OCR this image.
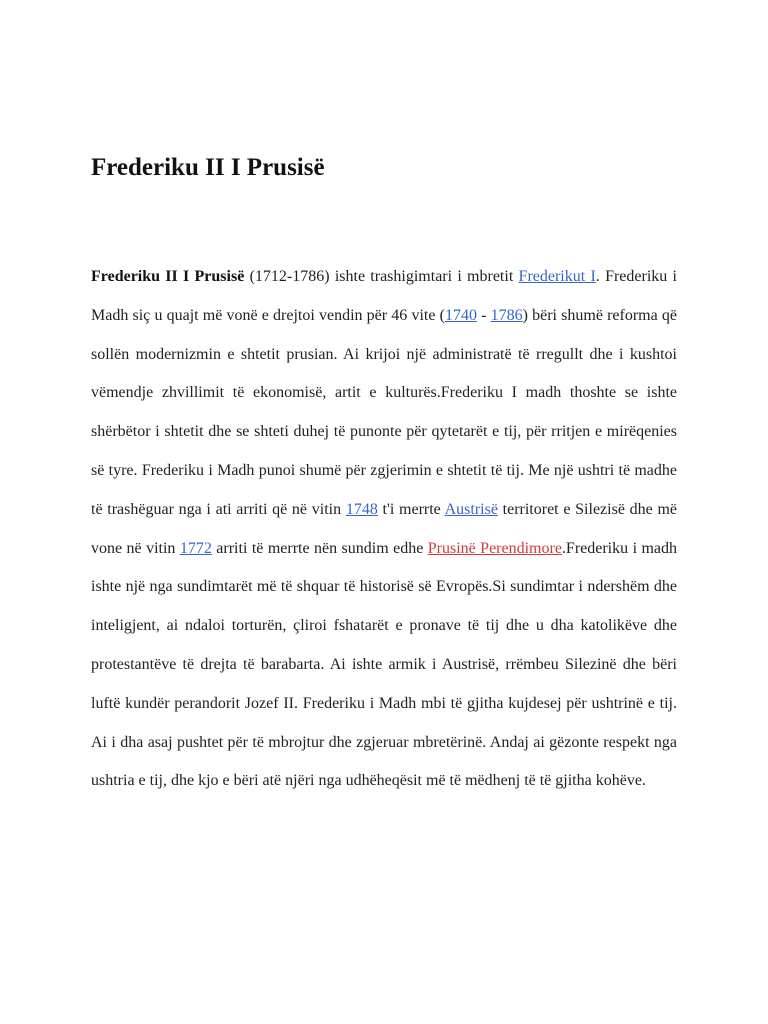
Frederiku II I Prusisë

Frederiku II I Prusisë (1712-1786) ishte trashigimtari i mbretit Frederikut I. Frederiku i Madh siç u quajt më vonë e drejtoi vendin për 46 vite (1740 - 1786) bëri shumë reforma që sollën modernizmin e shtetit prusian. Ai krijoi një administratë të rregullt dhe i kushtoi vëmendje zhvillimit të ekonomisë, artit e kulturës.Frederiku I madh thoshte se ishte shërbëtor i shtetit dhe se shteti duhej të punonte për qytetarët e tij, për rritjen e mirëqenies së tyre. Frederiku i Madh punoi shumë për zgjerimin e shtetit të tij. Me një ushtri të madhe të trashëguar nga i ati arriti që në vitin 1748 t'i merrte Austrisë territoret e Silezisë dhe më vone në vitin 1772 arriti të merrte nën sundim edhe Prusinë Perendimore.Frederiku i madh ishte një nga sundimtarët më të shquar të historisë së Evropës.Si sundimtar i ndershëm dhe inteligjent, ai ndaloi torturën, çliroi fshatarët e pronave të tij dhe u dha katolikëve dhe protestantëve të drejta të barabarta. Ai ishte armik i Austrisë, rrëmbeu Silezinë dhe bëri luftë kundër perandorit Jozef II. Frederiku i Madh mbi të gjitha kujdesej për ushtrinë e tij. Ai i dha asaj pushtet për të mbrojtur dhe zgjeruar mbretërinë. Andaj ai gëzonte respekt nga ushtria e tij, dhe kjo e bëri atë njëri nga udhëheqësit më të mëdhenj të të gjitha kohëve.
